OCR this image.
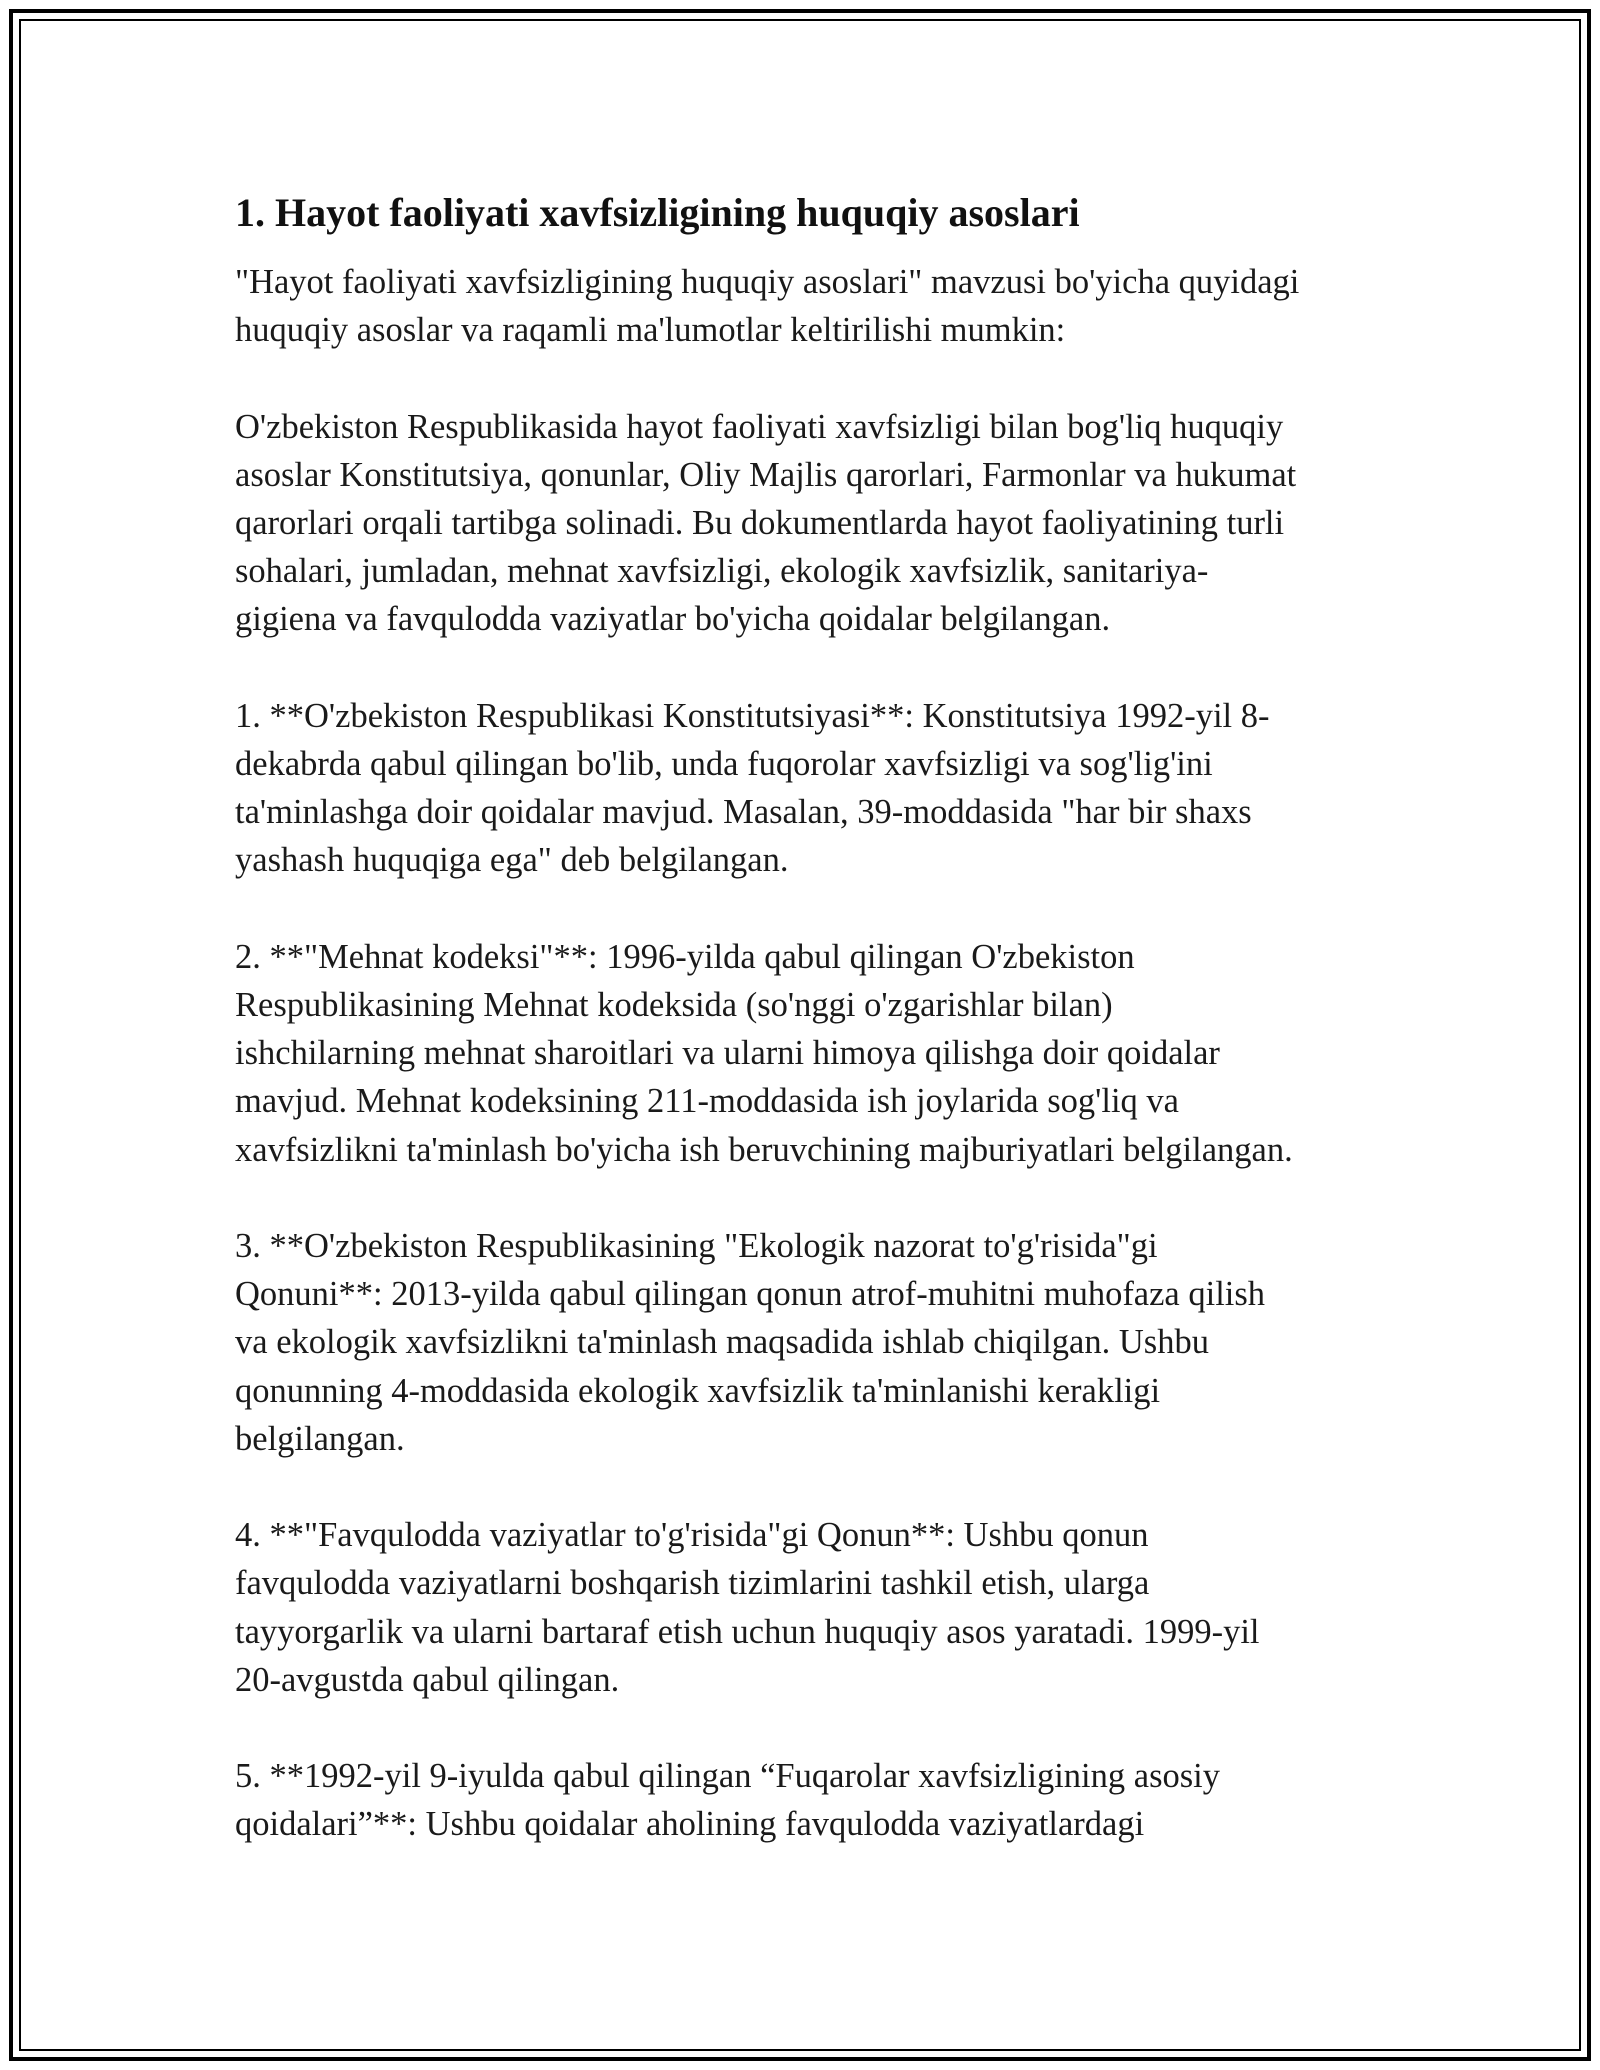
1. Hayot faoliyati xavfsizligining huquqiy asoslari

"Hayot faoliyati xavfsizligining huquqiy asoslari" mavzusi bo'yicha quyidagi
huquqiy asoslar va raqamli ma'lumotlar keltirilishi mumkin:

O'zbekiston Respublikasida hayot faoliyati xavfsizligi bilan bog'liq huquqiy
asoslar Konstitutsiya, qonunlar, Oliy Majlis qarorlari, Farmonlar va hukumat
qarorlari orqali tartibga solinadi. Bu dokumentlarda hayot faoliyatining turli
sohalari, jumladan, mehnat xavfsizligi, ekologik xavfsizlik, sanitariya-
gigiena va favqulodda vaziyatlar bo'yicha qoidalar belgilangan.

1. **O'zbekiston Respublikasi Konstitutsiyasi**: Konstitutsiya 1992-yil 8-
dekabrda qabul qilingan bo'lib, unda fuqorolar xavfsizligi va sog'lig'ini
ta'minlashga doir qoidalar mavjud. Masalan, 39-moddasida "har bir shaxs
yashash huquqiga ega" deb belgilangan.

2. **"Mehnat kodeksi"**: 1996-yilda qabul qilingan O'zbekiston
Respublikasining Mehnat kodeksida (so'nggi o'zgarishlar bilan)
ishchilarning mehnat sharoitlari va ularni himoya qilishga doir qoidalar
mavjud. Mehnat kodeksining 211-moddasida ish joylarida sog'liq va
xavfsizlikni ta'minlash bo'yicha ish beruvchining majburiyatlari belgilangan.

3. **O'zbekiston Respublikasining "Ekologik nazorat to'g'risida"gi
Qonuni**: 2013-yilda qabul qilingan qonun atrof-muhitni muhofaza qilish
va ekologik xavfsizlikni ta'minlash maqsadida ishlab chiqilgan. Ushbu
qonunning 4-moddasida ekologik xavfsizlik ta'minlanishi kerakligi
belgilangan.

4. **"Favqulodda vaziyatlar to'g'risida"gi Qonun**: Ushbu qonun
favqulodda vaziyatlarni boshqarish tizimlarini tashkil etish, ularga
tayyorgarlik va ularni bartaraf etish uchun huquqiy asos yaratadi. 1999-yil
20-avgustda qabul qilingan.

5. **1992-yil 9-iyulda qabul qilingan “Fuqarolar xavfsizligining asosiy
qoidalari”**: Ushbu qoidalar aholining favqulodda vaziyatlardagi
